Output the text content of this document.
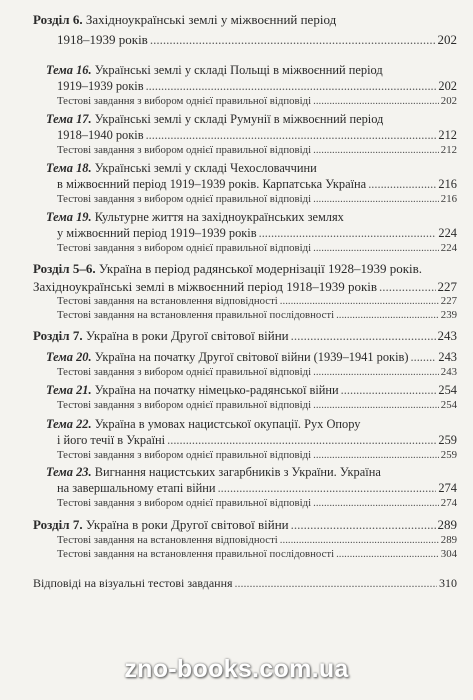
Розділ 6. Західноукраїнські землі у міжвоєнний період
1918–1939 років .....	202
Тема 16. Українські землі у складі Польщі в міжвоєнний період
1919–1939 років .....	202
Тестові завдання з вибором однієї правильної відповіді .....	202
Тема 17. Українські землі у складі Румунії в міжвоєнний період
1918–1940 років .....	212
Тестові завдання з вибором однієї правильної відповіді .....	212
Тема 18. Українські землі у складі Чехословаччини
в міжвоєнний період 1919–1939 років. Карпатська Україна .....	216
Тестові завдання з вибором однієї правильної відповіді .....	216
Тема 19. Культурне життя на західноукраїнських землях
у міжвоєнний період 1919–1939 років .....	224
Тестові завдання з вибором однієї правильної відповіді .....	224
Розділ 5–6. Україна в період радянської модернізації 1928–1939 років.
Західноукраїнські землі в міжвоєнний період 1918–1939 років .....	227
Тестові завдання на встановлення відповідності .....	227
Тестові завдання на встановлення правильної послідовності .....	239
Розділ 7. Україна в роки Другої світової війни .....	243
Тема 20. Україна на початку Другої світової війни (1939–1941 років) ..... 243
Тестові завдання з вибором однієї правильної відповіді .....	243
Тема 21. Україна на початку німецько-радянської війни .....	254
Тестові завдання з вибором однієї правильної відповіді .....	254
Тема 22. Україна в умовах нацистської окупації. Рух Опору
і його течії в Україні .....	259
Тестові завдання з вибором однієї правильної відповіді .....	259
Тема 23. Вигнання нацистських загарбників з України. Україна
на завершальному етапі війни .....	274
Тестові завдання з вибором однієї правильної відповіді .....	274
Розділ 7. Україна в роки Другої світової війни .....	289
Тестові завдання на встановлення відповідності .....	289
Тестові завдання на встановлення правильної послідовності .....	304
Відповіді на візуальні тестові завдання .....	310
zno-books.com.ua
